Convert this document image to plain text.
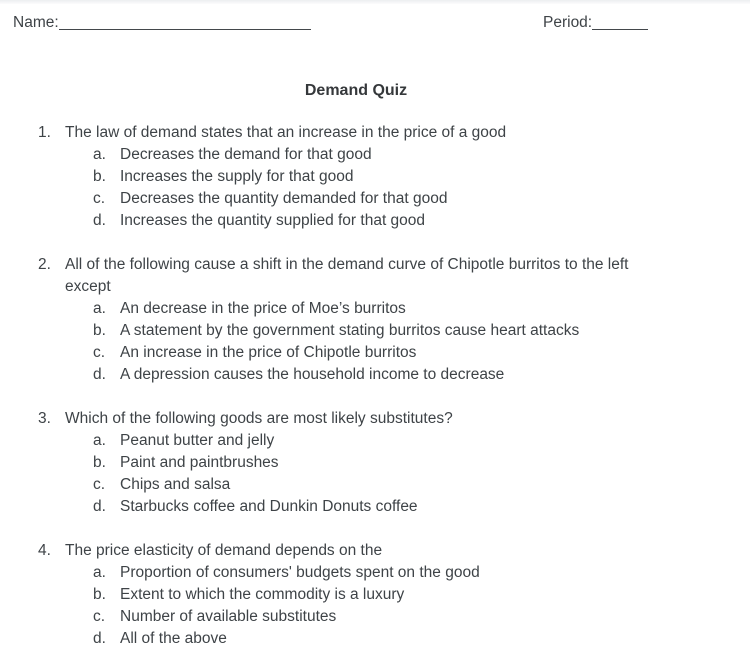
Name:	Period:
Demand Quiz
1. The law of demand states that an increase in the price of a good
a. Decreases the demand for that good
b. Increases the supply for that good
c. Decreases the quantity demanded for that good
d. Increases the quantity supplied for that good
2. All of the following cause a shift in the demand curve of Chipotle burritos to the left except
a. An decrease in the price of Moe’s burritos
b. A statement by the government stating burritos cause heart attacks
c. An increase in the price of Chipotle burritos
d. A depression causes the household income to decrease
3. Which of the following goods are most likely substitutes?
a. Peanut butter and jelly
b. Paint and paintbrushes
c. Chips and salsa
d. Starbucks coffee and Dunkin Donuts coffee
4. The price elasticity of demand depends on the
a. Proportion of consumers' budgets spent on the good
b. Extent to which the commodity is a luxury
c. Number of available substitutes
d. All of the above
